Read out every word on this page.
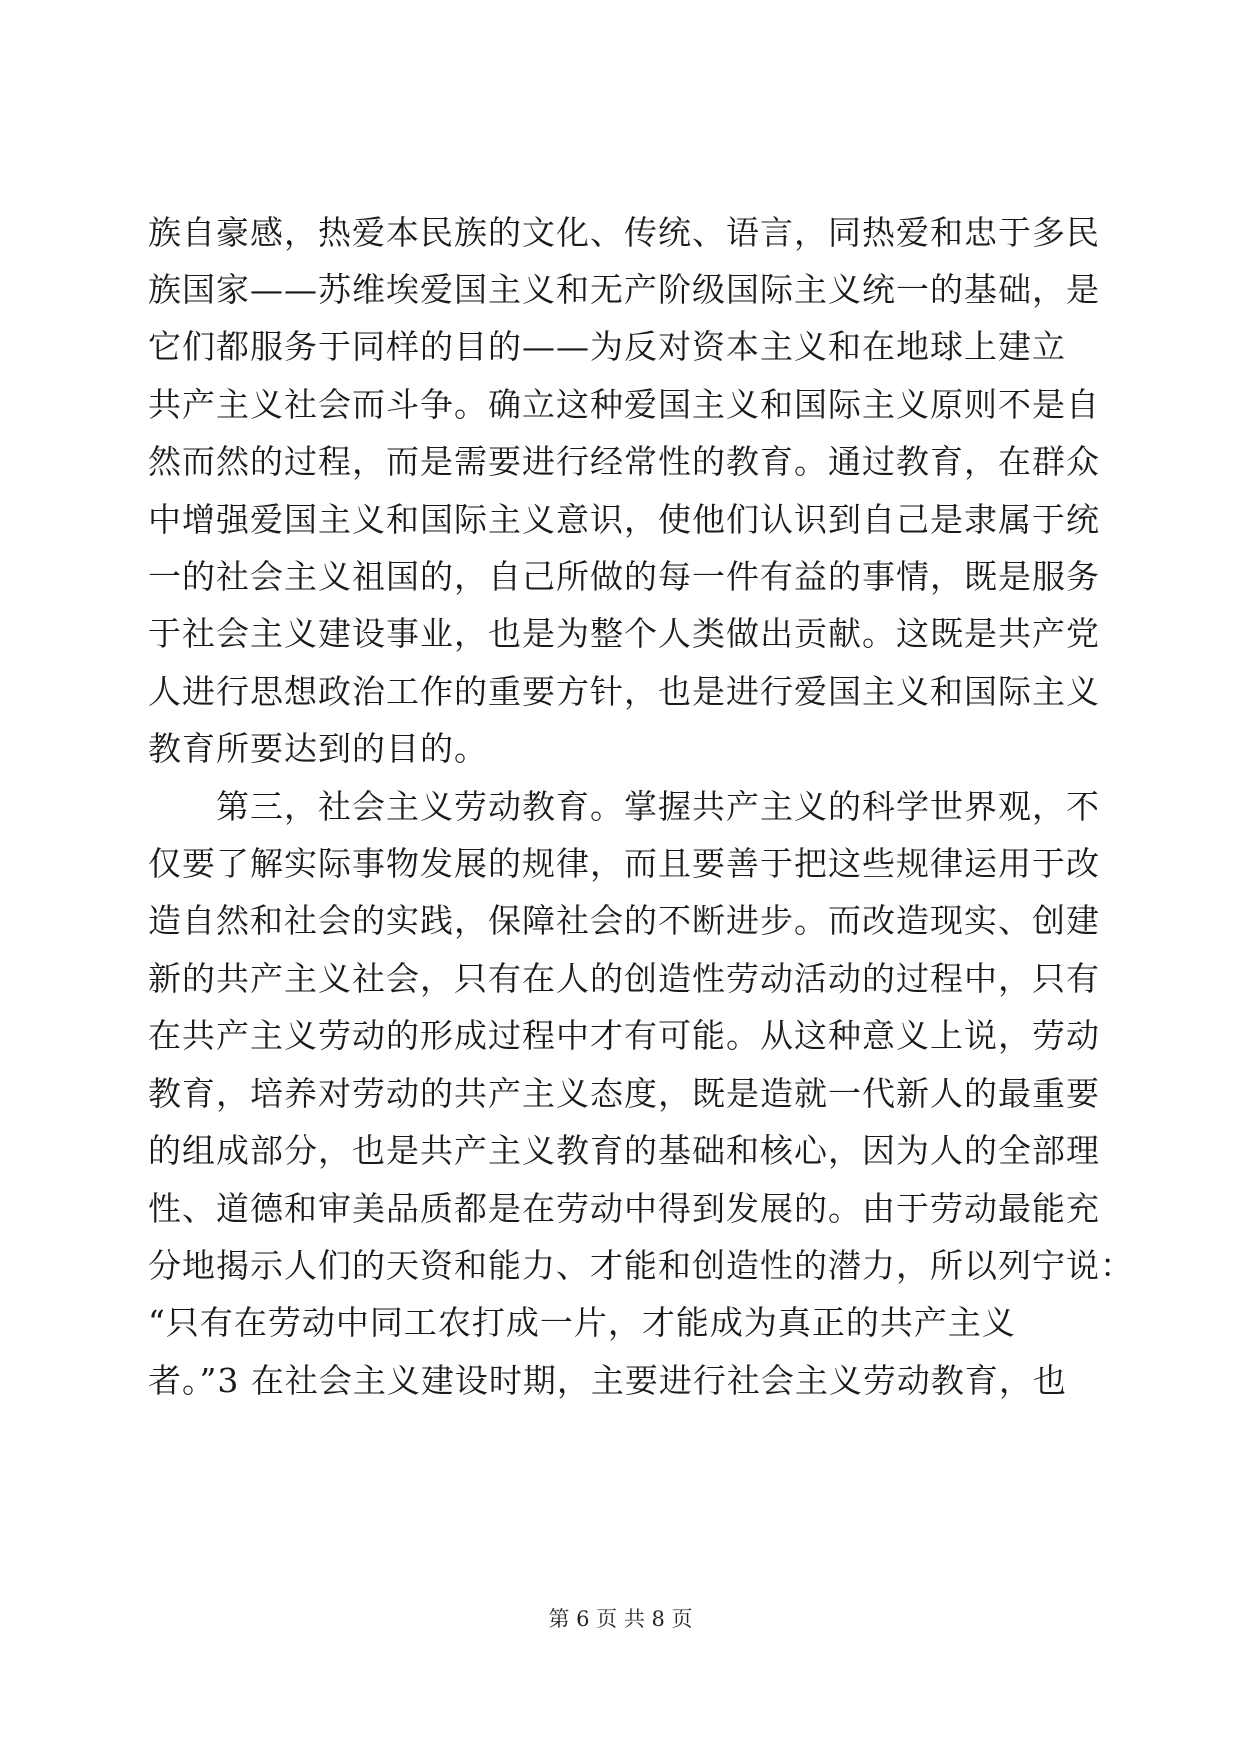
族自豪感，热爱本民族的文化、传统、语言，同热爱和忠于多民
族国家——苏维埃爱国主义和无产阶级国际主义统一的基础，是
它们都服务于同样的目的——为反对资本主义和在地球上建立
共产主义社会而斗争。确立这种爱国主义和国际主义原则不是自
然而然的过程，而是需要进行经常性的教育。通过教育，在群众
中增强爱国主义和国际主义意识，使他们认识到自己是隶属于统
一的社会主义祖国的，自己所做的每一件有益的事情，既是服务
于社会主义建设事业，也是为整个人类做出贡献。这既是共产党
人进行思想政治工作的重要方针，也是进行爱国主义和国际主义
教育所要达到的目的。
　　第三，社会主义劳动教育。掌握共产主义的科学世界观，不
仅要了解实际事物发展的规律，而且要善于把这些规律运用于改
造自然和社会的实践，保障社会的不断进步。而改造现实、创建
新的共产主义社会，只有在人的创造性劳动活动的过程中，只有
在共产主义劳动的形成过程中才有可能。从这种意义上说，劳动
教育，培养对劳动的共产主义态度，既是造就一代新人的最重要
的组成部分，也是共产主义教育的基础和核心，因为人的全部理
性、道德和审美品质都是在劳动中得到发展的。由于劳动最能充
分地揭示人们的天资和能力、才能和创造性的潜力，所以列宁说：
“只有在劳动中同工农打成一片，才能成为真正的共产主义
者。”3 在社会主义建设时期，主要进行社会主义劳动教育，也
第 6 页 共 8 页
